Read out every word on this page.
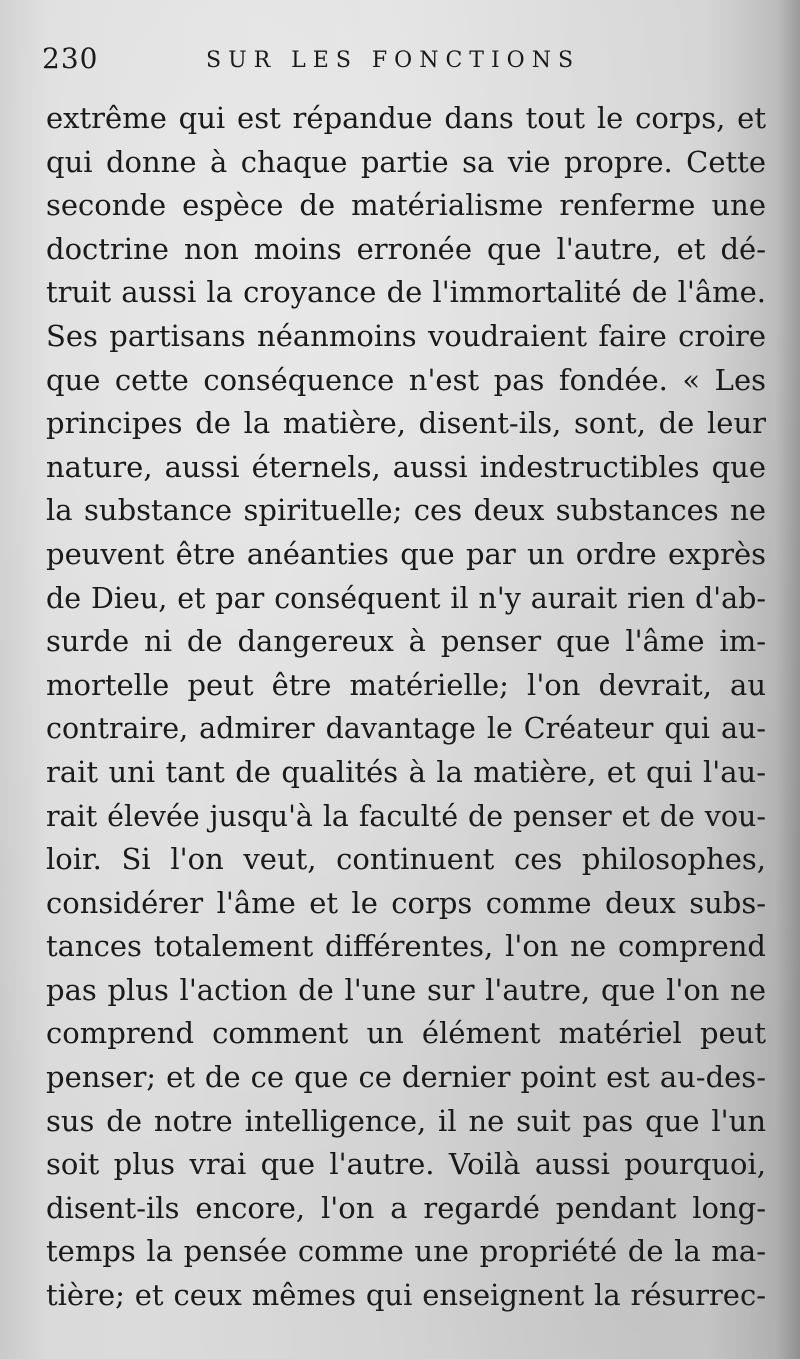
230	SUR LES FONCTIONS
extrême qui est répandue dans tout le corps, et
qui donne à chaque partie sa vie propre. Cette
seconde espèce de matérialisme renferme une
doctrine non moins erronée que l'autre, et dé-
truit aussi la croyance de l'immortalité de l'âme.
Ses partisans néanmoins voudraient faire croire
que cette conséquence n'est pas fondée. « Les
principes de la matière, disent-ils, sont, de leur
nature, aussi éternels, aussi indestructibles que
la substance spirituelle; ces deux substances ne
peuvent être anéanties que par un ordre exprès
de Dieu, et par conséquent il n'y aurait rien d'ab-
surde ni de dangereux à penser que l'âme im-
mortelle peut être matérielle; l'on devrait, au
contraire, admirer davantage le Créateur qui au-
rait uni tant de qualités à la matière, et qui l'au-
rait élevée jusqu'à la faculté de penser et de vou-
loir. Si l'on veut, continuent ces philosophes,
considérer l'âme et le corps comme deux subs-
tances totalement différentes, l'on ne comprend
pas plus l'action de l'une sur l'autre, que l'on ne
comprend comment un élément matériel peut
penser; et de ce que ce dernier point est au-des-
sus de notre intelligence, il ne suit pas que l'un
soit plus vrai que l'autre. Voilà aussi pourquoi,
disent-ils encore, l'on a regardé pendant long-
temps la pensée comme une propriété de la ma-
tière; et ceux mêmes qui enseignent la résurrec-
